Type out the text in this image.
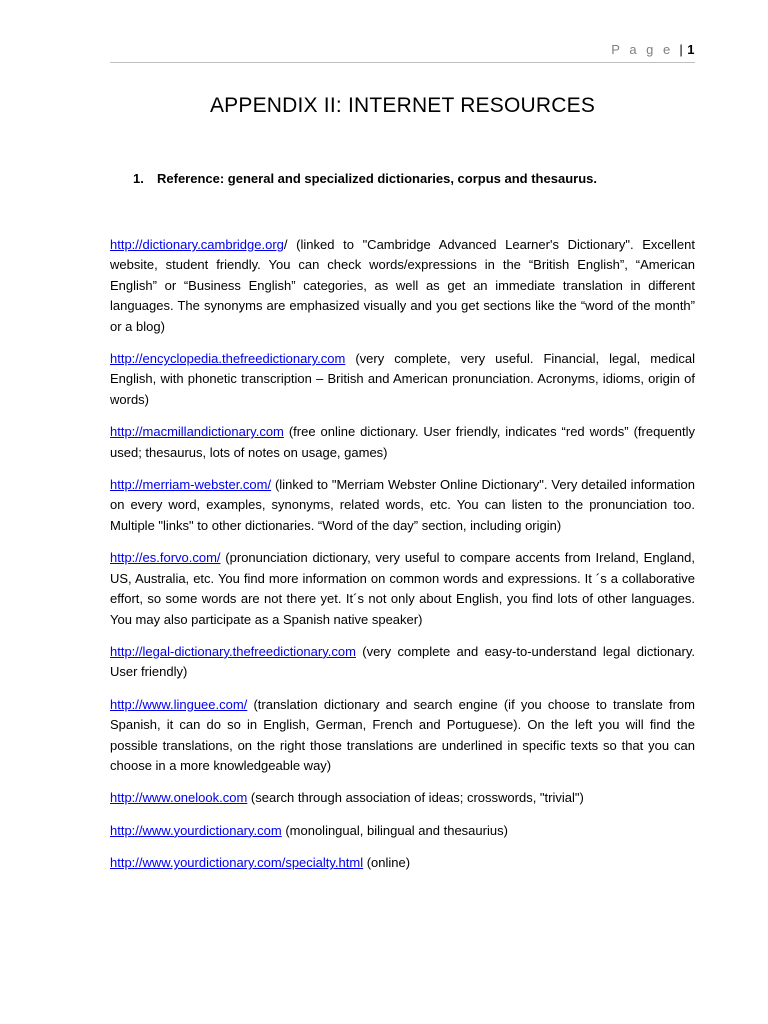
P a g e | 1
APPENDIX II: INTERNET RESOURCES
1. Reference: general and specialized dictionaries, corpus and thesaurus.

http://dictionary.cambridge.org/ (linked to "Cambridge Advanced Learner's Dictionary". Excellent website, student friendly. You can check words/expressions in the “British English”, “American English” or “Business English” categories, as well as get an immediate translation in different languages. The synonyms are emphasized visually and you get sections like the “word of the month” or a blog)

http://encyclopedia.thefreedictionary.com (very complete, very useful. Financial, legal, medical English, with phonetic transcription – British and American pronunciation. Acronyms, idioms, origin of words)

http://macmillandictionary.com (free online dictionary. User friendly, indicates “red words” (frequently used; thesaurus, lots of notes on usage, games)

http://merriam-webster.com/ (linked to "Merriam Webster Online Dictionary". Very detailed information on every word, examples, synonyms, related words, etc. You can listen to the pronunciation too. Multiple "links" to other dictionaries. “Word of the day” section, including origin)

http://es.forvo.com/ (pronunciation dictionary, very useful to compare accents from Ireland, England, US, Australia, etc. You find more information on common words and expressions. It ´s a collaborative effort, so some words are not there yet. It´s not only about English, you find lots of other languages. You may also participate as a Spanish native speaker)

http://legal-dictionary.thefreedictionary.com (very complete and easy-to-understand legal dictionary. User friendly)

http://www.linguee.com/ (translation dictionary and search engine (if you choose to translate from Spanish, it can do so in English, German, French and Portuguese). On the left you will find the possible translations, on the right those translations are underlined in specific texts so that you can choose in a more knowledgeable way)

http://www.onelook.com (search through association of ideas; crosswords, "trivial")

http://www.yourdictionary.com (monolingual, bilingual and thesaurius)

http://www.yourdictionary.com/specialty.html (online)
